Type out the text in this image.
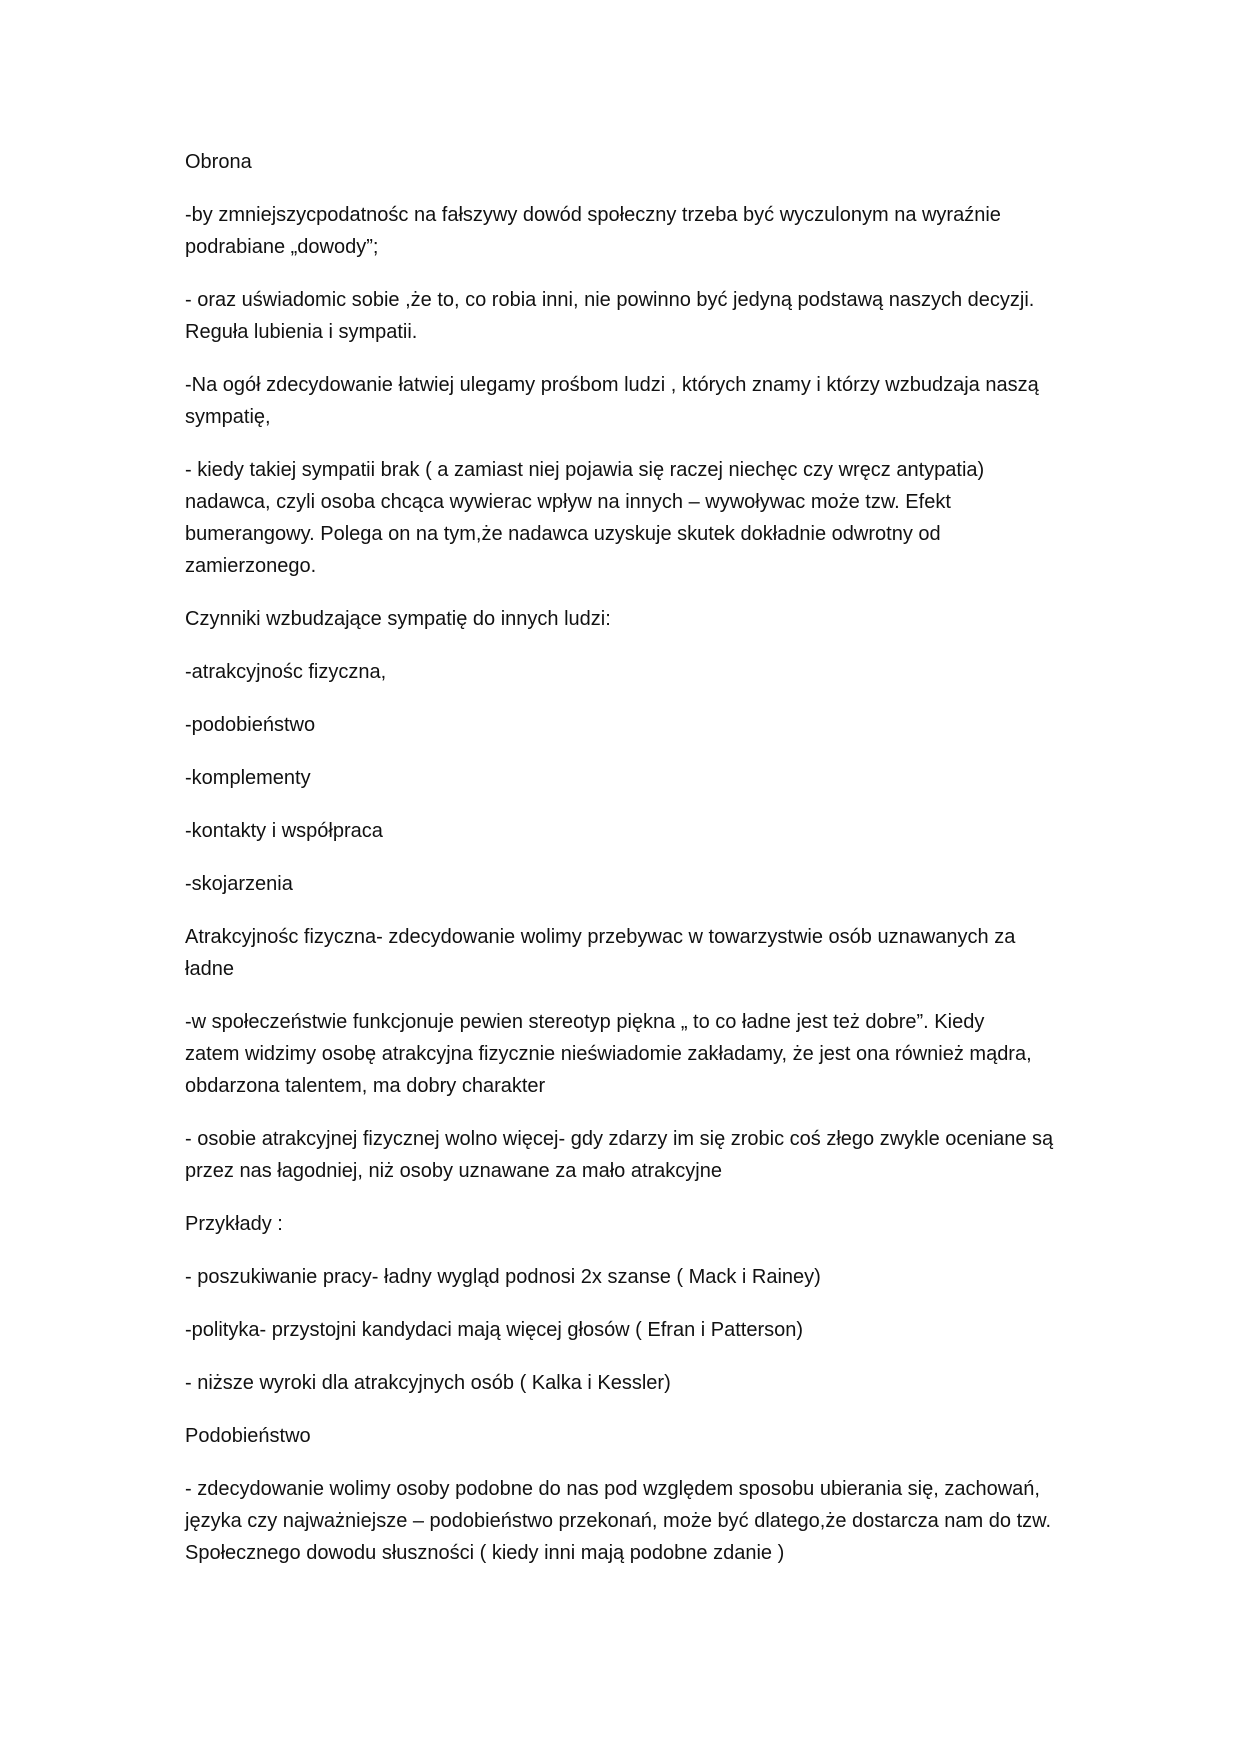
Obrona

-by zmniejszycpodatnośc na fałszywy dowód społeczny trzeba być wyczulonym na wyraźnie
podrabiane „dowody”;

- oraz uświadomic sobie ,że to, co robia inni, nie powinno być jedyną podstawą naszych decyzji.
Reguła lubienia i sympatii.

-Na ogół zdecydowanie łatwiej ulegamy prośbom ludzi , których znamy i którzy wzbudzaja naszą
sympatię,

- kiedy takiej sympatii brak ( a zamiast niej pojawia się raczej niechęc czy wręcz antypatia)
nadawca, czyli osoba chcąca wywierac wpływ na innych – wywoływac może tzw. Efekt
bumerangowy. Polega on na tym,że nadawca uzyskuje skutek dokładnie odwrotny od
zamierzonego.

Czynniki wzbudzające sympatię do innych ludzi:

-atrakcyjnośc fizyczna,

-podobieństwo

-komplementy

-kontakty i współpraca

-skojarzenia

Atrakcyjnośc fizyczna- zdecydowanie wolimy przebywac w towarzystwie osób uznawanych za
ładne

-w społeczeństwie funkcjonuje pewien stereotyp piękna „ to co ładne jest też dobre”. Kiedy
zatem widzimy osobę atrakcyjna fizycznie nieświadomie zakładamy, że jest ona również mądra,
obdarzona talentem, ma dobry charakter

- osobie atrakcyjnej fizycznej wolno więcej- gdy zdarzy im się zrobic coś złego zwykle oceniane są
przez nas łagodniej, niż osoby uznawane za mało atrakcyjne

Przykłady :

- poszukiwanie pracy- ładny wygląd podnosi 2x szanse ( Mack i Rainey)

-polityka- przystojni kandydaci mają więcej głosów ( Efran i Patterson)

- niższe wyroki dla atrakcyjnych osób ( Kalka i Kessler)

Podobieństwo

- zdecydowanie wolimy osoby podobne do nas pod względem sposobu ubierania się, zachowań,
języka czy najważniejsze – podobieństwo przekonań, może być dlatego,że dostarcza nam do tzw.
Społecznego dowodu słuszności ( kiedy inni mają podobne zdanie )
